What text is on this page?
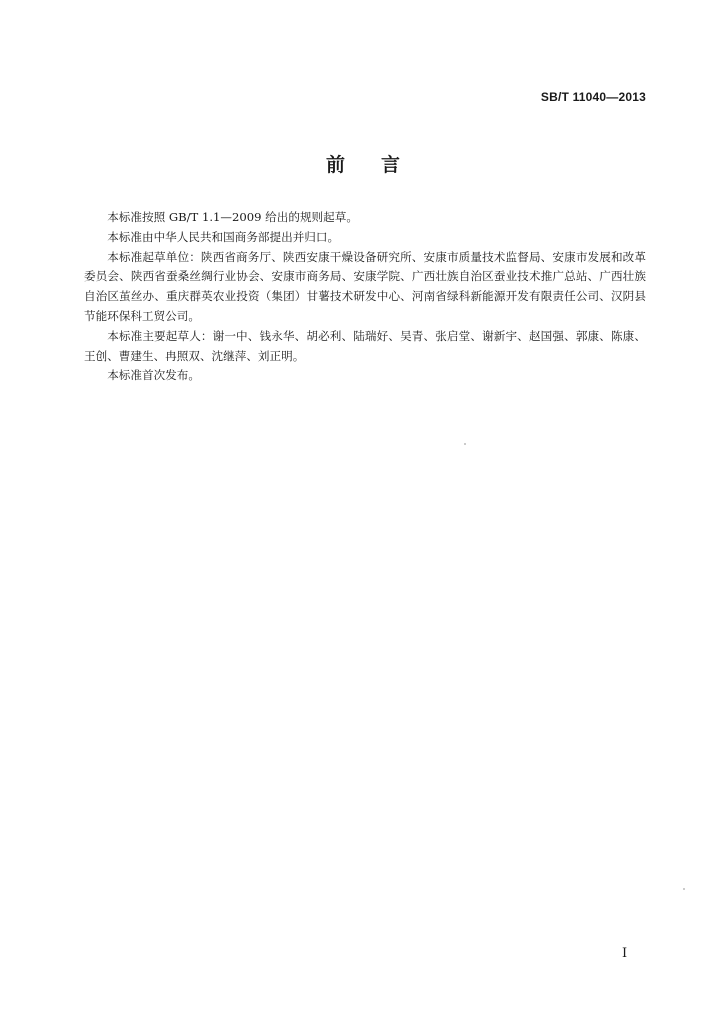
SB/T 11040—2013
前言

本标准按照 GB/T 1.1—2009 给出的规则起草。

本标准由中华人民共和国商务部提出并归口。

本标准起草单位：陕西省商务厅、陕西安康干燥设备研究所、安康市质量技术监督局、安康市发展和改革委员会、陕西省蚕桑丝绸行业协会、安康市商务局、安康学院、广西壮族自治区蚕业技术推广总站、广西壮族自治区茧丝办、重庆群英农业投资（集团）甘薯技术研发中心、河南省绿科新能源开发有限责任公司、汉阴县节能环保科工贸公司。

本标准主要起草人：谢一中、钱永华、胡必利、陆瑞好、吴青、张启堂、谢新宇、赵国强、郭康、陈康、王创、曹建生、冉照双、沈继萍、刘正明。

本标准首次发布。

I
